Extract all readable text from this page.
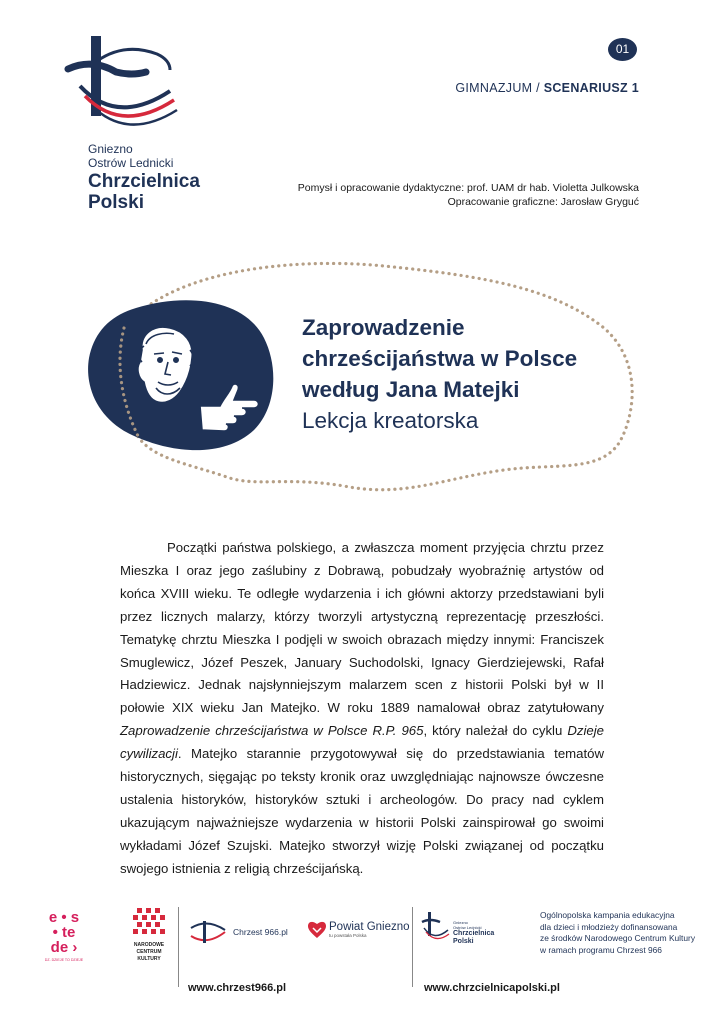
Gniezno
Ostrów Lednicki
Chrzcielnica
Polski
01
GIMNAZJUM / SCENARIUSZ 1
Pomysł i opracowanie dydaktyczne: prof. UAM dr hab. Violetta Julkowska
Opracowanie graficzne: Jarosław Gryguć
Zaprowadzenie
chrześcijaństwa w Polsce
według Jana Matejki
Lekcja kreatorska

Początki państwa polskiego, a zwłaszcza moment przyjęcia chrztu przez Mieszka I oraz jego zaślubiny z Dobrawą, pobudzały wyobraźnię artystów od końca XVIII wieku. Te odległe wydarzenia i ich główni aktorzy przedstawiani byli przez licznych malarzy, którzy tworzyli artystyczną reprezentację przeszłości. Tematykę chrztu Mieszka I podjęli w swoich obrazach między innymi: Franciszek Smuglewicz, Józef Peszek, January Suchodolski, Ignacy Gierdziejewski, Rafał Hadziewicz. Jednak najsłynniejszym malarzem scen z historii Polski był w II połowie XIX wieku Jan Matejko. W roku 1889 namalował obraz zatytułowany Zaprowadzenie chrześcijaństwa w Polsce R.P. 965, który należał do cyklu Dzieje cywilizacji. Matejko starannie przygotowywał się do przedstawiania tematów historycznych, sięgając po teksty kronik oraz uwzględniając najnowsze ówczesne ustalenia historyków, historyków sztuki i archeologów. Do pracy nad cyklem ukazującym najważniejsze wydarzenia w historii Polski zainspirował go swoimi wykładami Józef Szujski. Matejko stworzył wizję Polski związanej od początku swojego istnienia z religią chrześcijańską.

e • s
• te
de ›
DZ. DZIEJE TO DZIEJE
NARODOWE
CENTRUM
KULTURY
Chrzest 966.pl	Powiat Gniezno
tu powstała Polska
Gniezno
Ostrów Lednicki
Chrzcielnica
Polski
www.chrzest966.pl	www.chrzcielnicapolski.pl
Ogólnopolska kampania edukacyjna
dla dzieci i młodzieży dofinansowana
ze środków Narodowego Centrum Kultury
w ramach programu Chrzest 966
